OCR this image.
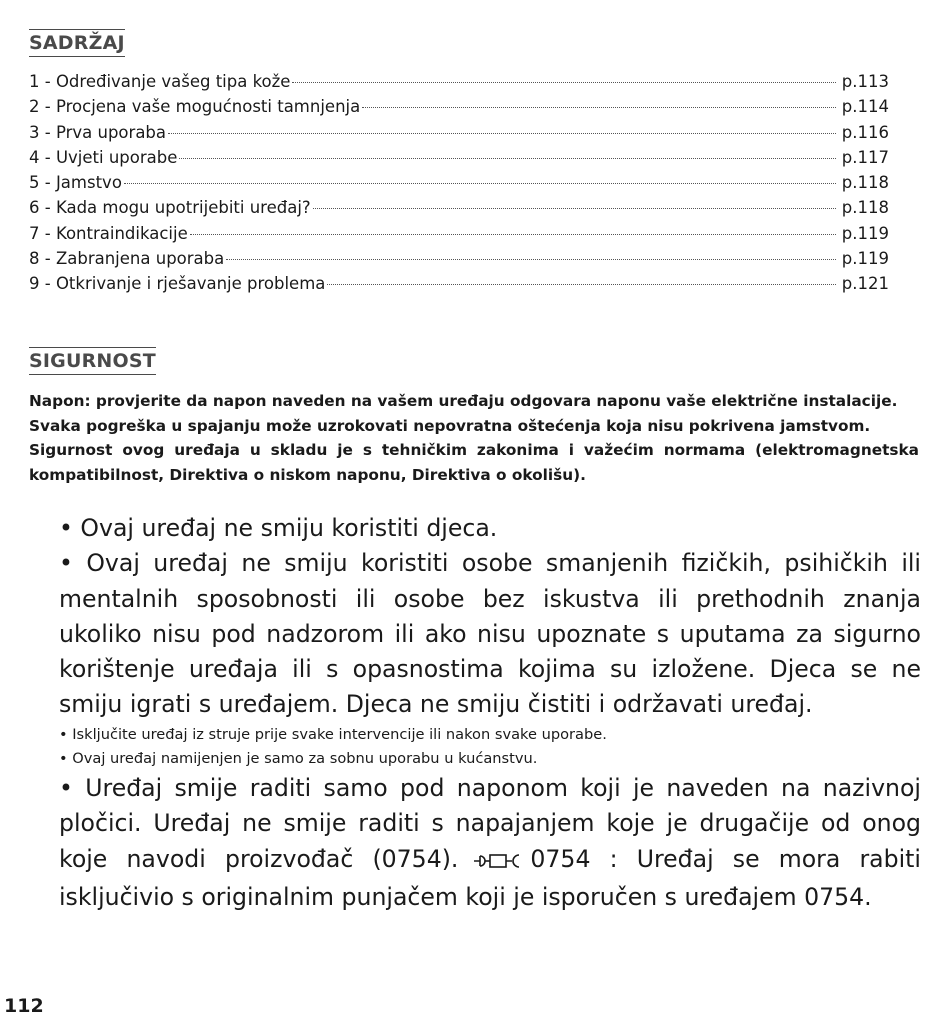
SADRŽAJ
1 - Određivanje vašeg tipa kože	p.113
2 - Procjena vaše mogućnosti tamnjenja	p.114
3 - Prva uporaba	p.116
4 - Uvjeti uporabe	p.117
5 - Jamstvo	p.118
6 - Kada mogu upotrijebiti uređaj?	p.118
7 - Kontraindikacije	p.119
8 - Zabranjena uporaba	p.119
9 - Otkrivanje i rješavanje problema	p.121
SIGURNOST
Napon: provjerite da napon naveden na vašem uređaju odgovara naponu vaše električne instalacije.
Svaka pogreška u spajanju može uzrokovati nepovratna oštećenja koja nisu pokrivena jamstvom.
Sigurnost ovog uređaja u skladu je s tehničkim zakonima i važećim normama (elektromagnetska kompatibilnost, Direktiva o niskom naponu, Direktiva o okolišu).

• Ovaj uređaj ne smiju koristiti djeca.

• Ovaj uređaj ne smiju koristiti osobe smanjenih fizičkih, psihičkih ili mentalnih sposobnosti ili osobe bez iskustva ili prethodnih znanja ukoliko nisu pod nadzorom ili ako nisu upoznate s uputama za sigurno korištenje uređaja ili s opasnostima kojima su izložene. Djeca se ne smiju igrati s uređajem. Djeca ne smiju čistiti i održavati uređaj.

• Isključite uređaj iz struje prije svake intervencije ili nakon svake uporabe.

• Ovaj uređaj namijenjen je samo za sobnu uporabu u kućanstvu.

• Uređaj smije raditi samo pod naponom koji je naveden na nazivnoj pločici. Uređaj ne smije raditi s napajanjem koje je drugačije od onog koje navodi proizvođač (0754).	0754 : Uređaj se mora rabiti isključivio s originalnim punjačem koji je isporučen s uređajem 0754.

112
